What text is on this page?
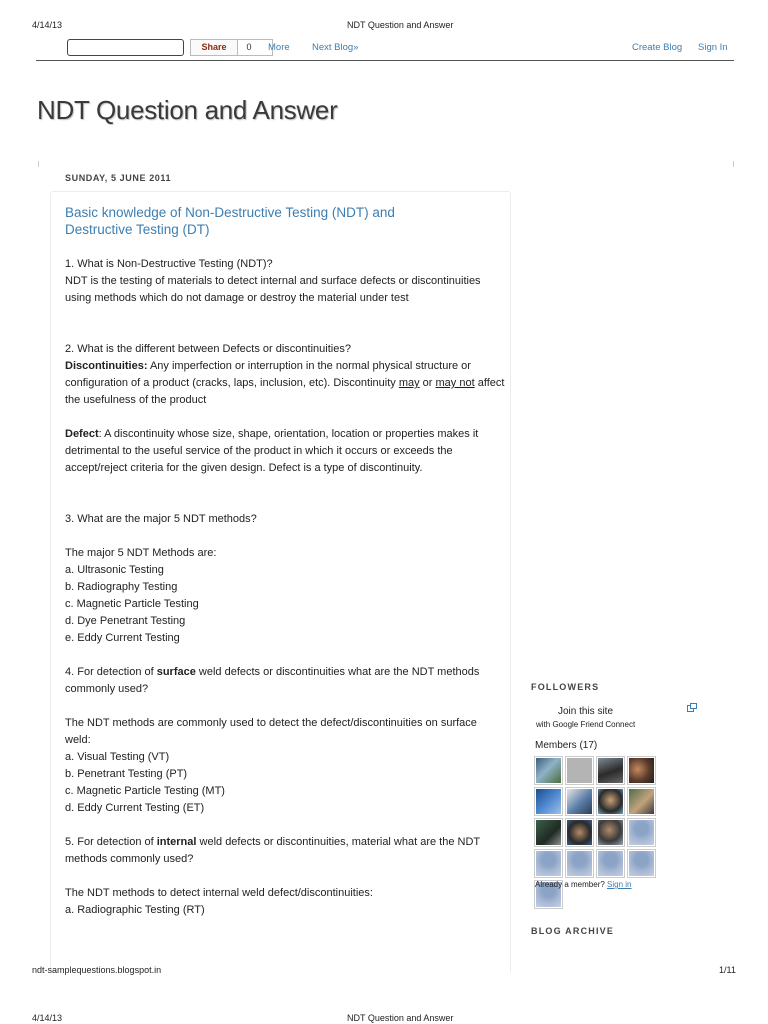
4/14/13	NDT Question and Answer
Share	0	More Next Blog»	Create Blog Sign In
NDT Question and Answer
SUNDAY, 5 JUNE 2011
Basic knowledge of Non-Destructive Testing (NDT) and Destructive Testing (DT)

1. What is Non-Destructive Testing (NDT)?

NDT is the testing of materials to detect internal and surface defects or discontinuities using methods which do not damage or destroy the material under test

2. What is the different between Defects or discontinuities?

Discontinuities: Any imperfection or interruption in the normal physical structure or configuration of a product (cracks, laps, inclusion, etc). Discontinuity may or may not affect the usefulness of the product

Defect: A discontinuity whose size, shape, orientation, location or properties makes it detrimental to the useful service of the product in which it occurs or exceeds the accept/reject criteria for the given design. Defect is a type of discontinuity.

3. What are the major 5 NDT methods?

The major 5 NDT Methods are:

a. Ultrasonic Testing

b. Radiography Testing

c. Magnetic Particle Testing

d. Dye Penetrant Testing

e. Eddy Current Testing

4. For detection of surface weld defects or discontinuities what are the NDT methods commonly used?

The NDT methods are commonly used to detect the defect/discontinuities on surface weld:

a. Visual Testing (VT)

b. Penetrant Testing (PT)

c. Magnetic Particle Testing (MT)

d. Eddy Current Testing (ET)

5. For detection of internal weld defects or discontinuities, material what are the NDT methods commonly used?

The NDT methods to detect internal weld defect/discontinuities:

a. Radiographic Testing (RT)

FOLLOWERS
Join this site
with Google Friend Connect
Members (17)
Already a member? Sign in
BLOG ARCHIVE
ndt-samplequestions.blogspot.in	1/11
4/14/13	NDT Question and Answer
